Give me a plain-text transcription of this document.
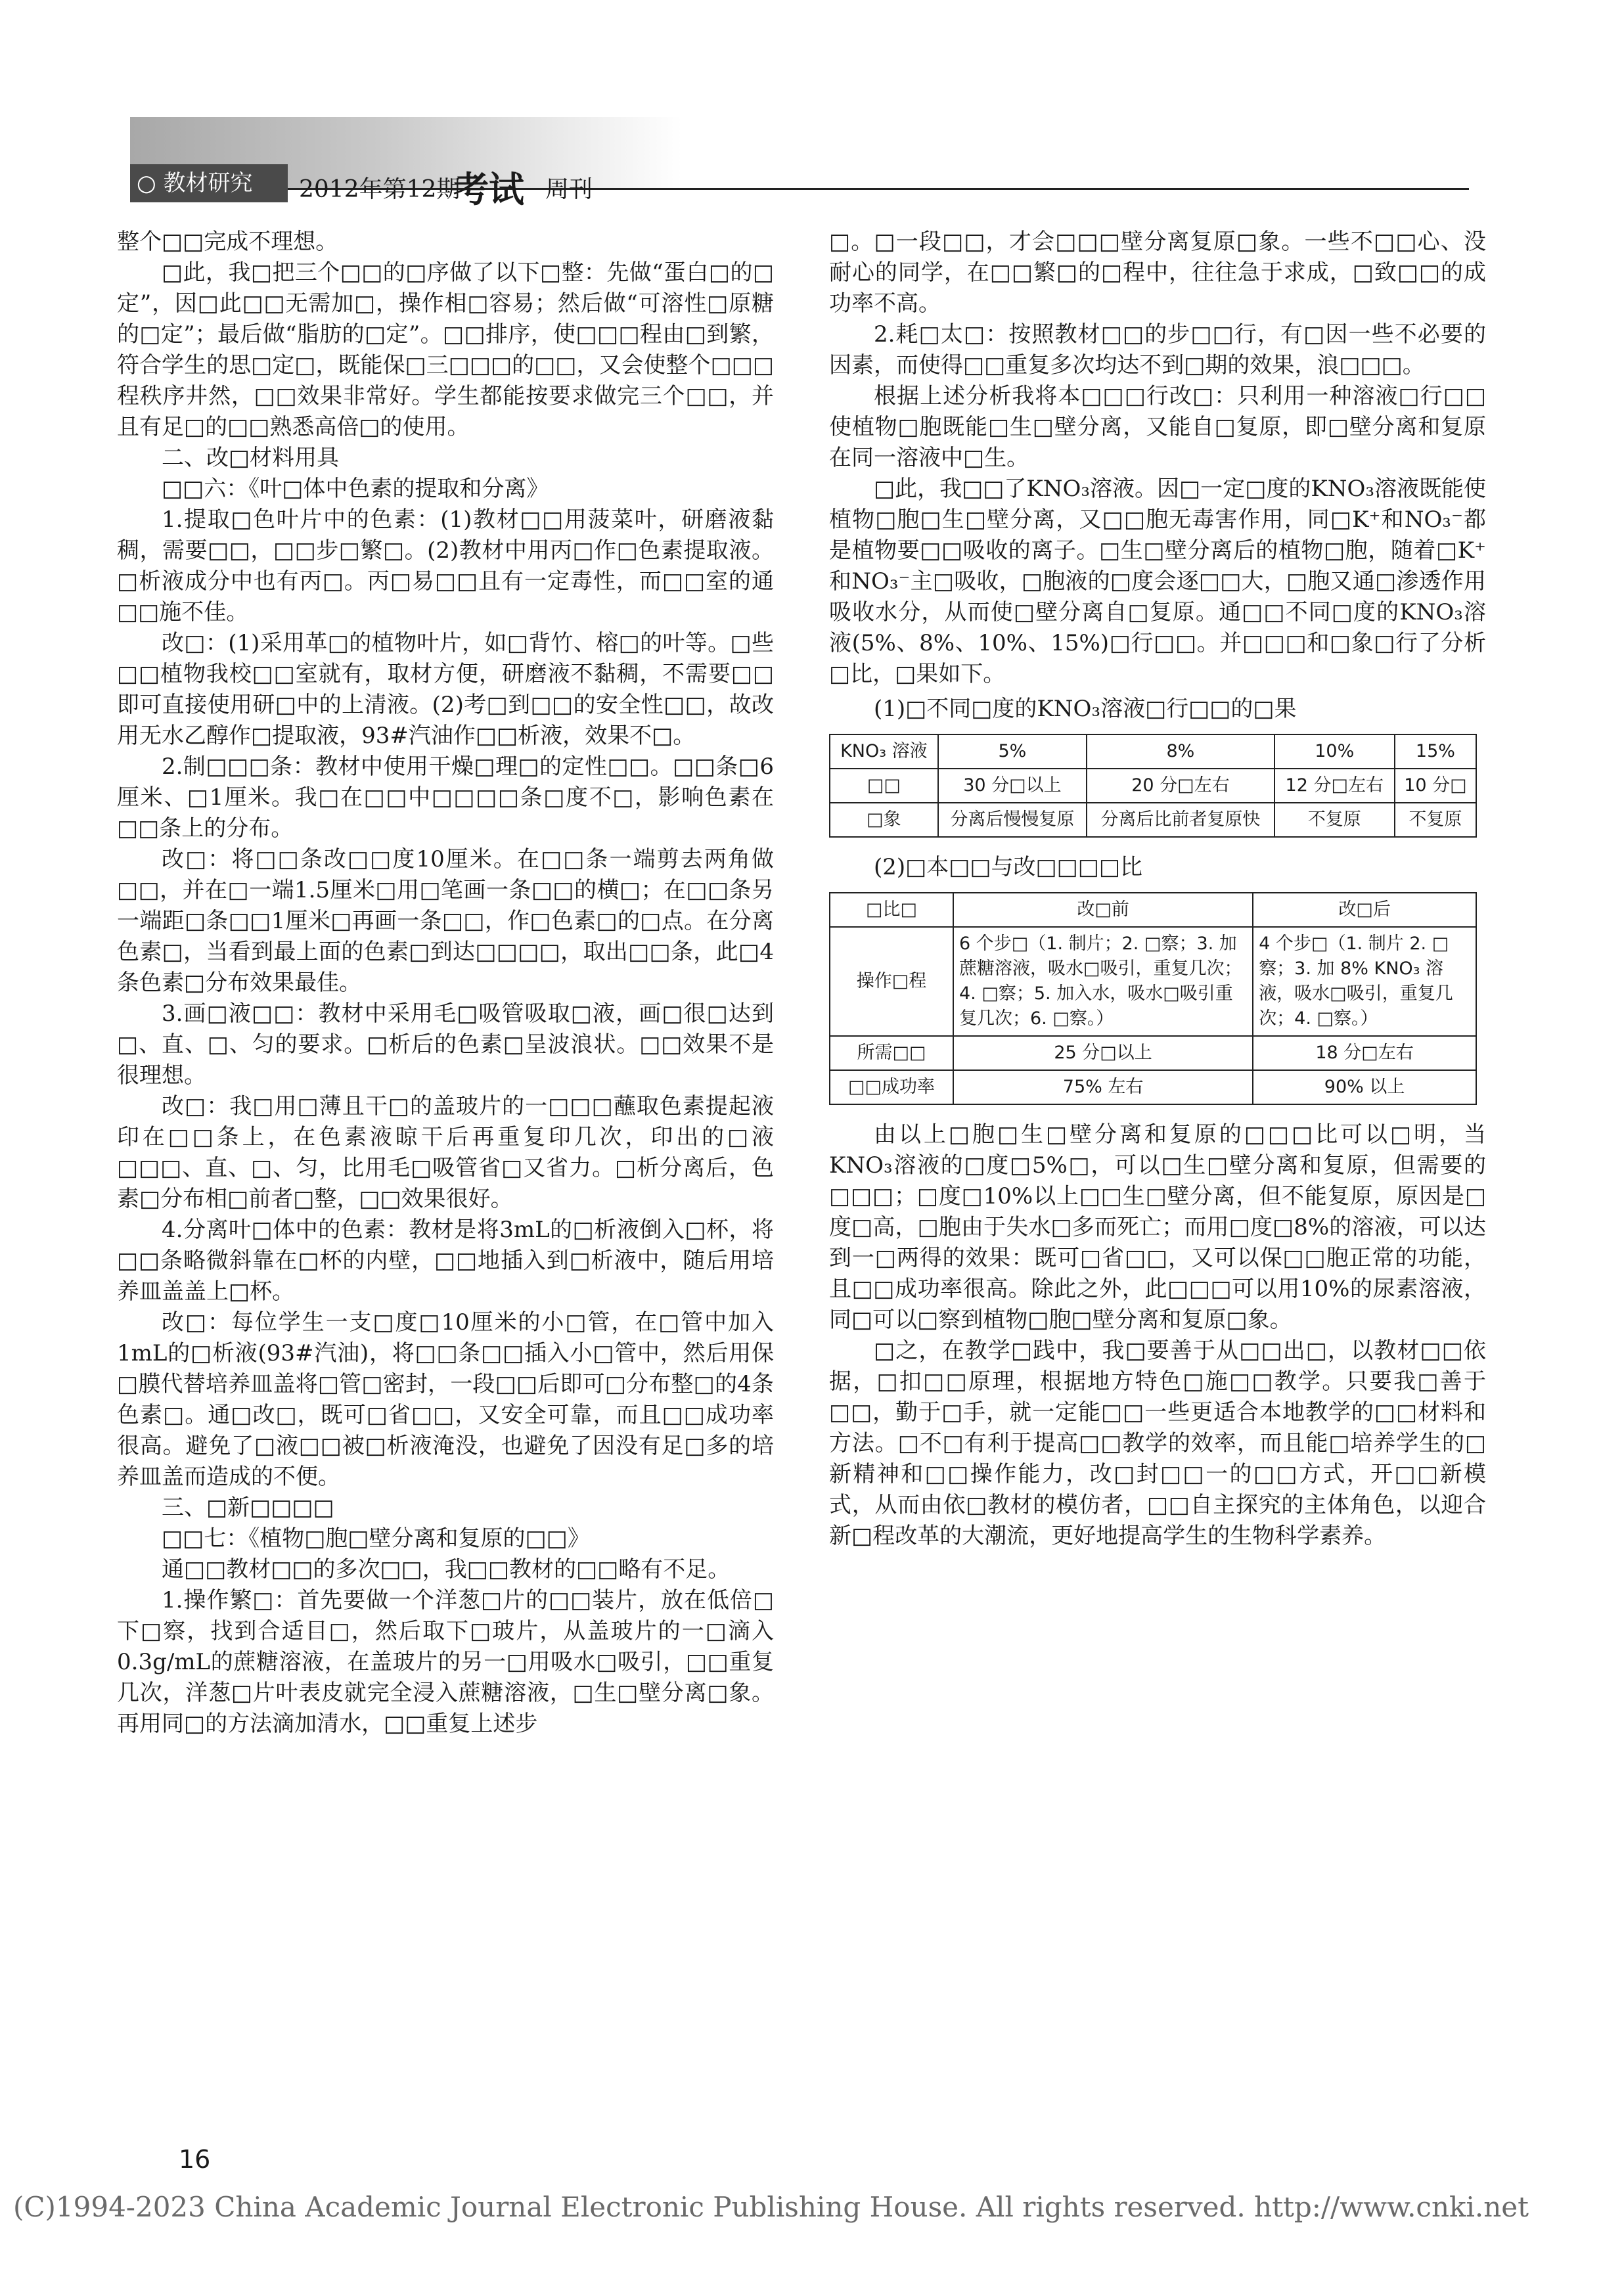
○ 教材研究	2012年第12期
考试 周刊

整个□□完成不理想。

□此，我□把三个□□的□序做了以下□整：先做“蛋白□的□定”，因□此□□无需加□，操作相□容易；然后做“可溶性□原糖的□定”；最后做“脂肪的□定”。□□排序，使□□□程由□到繁，符合学生的思□定□，既能保□三□□□的□□，又会使整个□□□程秩序井然，□□效果非常好。学生都能按要求做完三个□□，并且有足□的□□熟悉高倍□的使用。

二、改□材料用具

□□六：《叶□体中色素的提取和分离》

1.提取□色叶片中的色素：(1)教材□□用菠菜叶，研磨液黏稠，需要□□，□□步□繁□。(2)教材中用丙□作□色素提取液。□析液成分中也有丙□。丙□易□□且有一定毒性，而□□室的通□□施不佳。

改□：(1)采用革□的植物叶片，如□背竹、榕□的叶等。□些□□植物我校□□室就有，取材方便，研磨液不黏稠，不需要□□即可直接使用研□中的上清液。(2)考□到□□的安全性□□，故改用无水乙醇作□提取液，93#汽油作□□析液，效果不□。

2.制□□□条：教材中使用干燥□理□的定性□□。□□条□6厘米、□1厘米。我□在□□中□□□□条□度不□，影响色素在□□条上的分布。

改□：将□□条改□□度10厘米。在□□条一端剪去两角做□□，并在□一端1.5厘米□用□笔画一条□□的横□；在□□条另一端距□条□□1厘米□再画一条□□，作□色素□的□点。在分离色素□，当看到最上面的色素□到达□□□□，取出□□条，此□4条色素□分布效果最佳。

3.画□液□□：教材中采用毛□吸管吸取□液，画□很□达到□、直、□、匀的要求。□析后的色素□呈波浪状。□□效果不是很理想。

改□：我□用□薄且干□的盖玻片的一□□□蘸取色素提起液印在□□条上，在色素液晾干后再重复印几次，印出的□液□□□、直、□、匀，比用毛□吸管省□又省力。□析分离后，色素□分布相□前者□整，□□效果很好。

4.分离叶□体中的色素：教材是将3mL的□析液倒入□杯，将□□条略微斜靠在□杯的内壁，□□地插入到□析液中，随后用培养皿盖盖上□杯。

改□：每位学生一支□度□10厘米的小□管，在□管中加入1mL的□析液(93#汽油)，将□□条□□插入小□管中，然后用保□膜代替培养皿盖将□管□密封，一段□□后即可□分布整□的4条色素□。通□改□，既可□省□□，又安全可靠，而且□□成功率很高。避免了□液□□被□析液淹没，也避免了因没有足□多的培养皿盖而造成的不便。

三、□新□□□□

□□七：《植物□胞□壁分离和复原的□□》

通□□教材□□的多次□□，我□□教材的□□略有不足。

1.操作繁□：首先要做一个洋葱□片的□□装片，放在低倍□下□察，找到合适目□，然后取下□玻片，从盖玻片的一□滴入0.3g/mL的蔗糖溶液，在盖玻片的另一□用吸水□吸引，□□重复几次，洋葱□片叶表皮就完全浸入蔗糖溶液，□生□壁分离□象。再用同□的方法滴加清水，□□重复上述步

□。□一段□□，才会□□□壁分离复原□象。一些不□□心、没耐心的同学，在□□繁□的□程中，往往急于求成，□致□□的成功率不高。

2.耗□太□：按照教材□□的步□□行，有□因一些不必要的因素，而使得□□重复多次均达不到□期的效果，浪□□□。

根据上述分析我将本□□□行改□：只利用一种溶液□行□□使植物□胞既能□生□壁分离，又能自□复原，即□壁分离和复原在同一溶液中□生。

□此，我□□了KNO₃溶液。因□一定□度的KNO₃溶液既能使植物□胞□生□壁分离，又□□胞无毒害作用，同□K⁺和NO₃⁻都是植物要□□吸收的离子。□生□壁分离后的植物□胞，随着□K⁺和NO₃⁻主□吸收，□胞液的□度会逐□□大，□胞又通□渗透作用吸收水分，从而使□壁分离自□复原。通□□不同□度的KNO₃溶液(5%、8%、10%、15%)□行□□。并□□□和□象□行了分析□比，□果如下。

(1)□不同□度的KNO₃溶液□行□□的□果

KNO₃ 溶液	5%	8%	10%	15%
□□	30 分□以上	20 分□左右	12 分□左右	10 分□
□象	分离后慢慢复原	分离后比前者复原快	不复原	不复原

(2)□本□□与改□□□□比

□比□	改□前	改□后
操作□程	6 个步□（1. 制片；2. □察；3. 加蔗糖溶液，吸水□吸引，重复几次；4. □察；5. 加入水，吸水□吸引重复几次；6. □察。）	4 个步□（1. 制片 2. □察；3. 加 8% KNO₃ 溶液，吸水□吸引，重复几次；4. □察。）
所需□□	25 分□以上	18 分□左右
□□成功率	75% 左右	90% 以上

由以上□胞□生□壁分离和复原的□□□比可以□明，当KNO₃溶液的□度□5%□，可以□生□壁分离和复原，但需要的□□□；□度□10%以上□□生□壁分离，但不能复原，原因是□度□高，□胞由于失水□多而死亡；而用□度□8%的溶液，可以达到一□两得的效果：既可□省□□，又可以保□□胞正常的功能，且□□成功率很高。除此之外，此□□□可以用10%的尿素溶液，同□可以□察到植物□胞□壁分离和复原□象。

□之，在教学□践中，我□要善于从□□出□，以教材□□依据，□扣□□原理，根据地方特色□施□□教学。只要我□善于□□，勤于□手，就一定能□□一些更适合本地教学的□□材料和方法。□不□有利于提高□□教学的效率，而且能□培养学生的□新精神和□□操作能力，改□封□□一的□□方式，开□□新模式，从而由依□教材的模仿者，□□自主探究的主体角色，以迎合新□程改革的大潮流，更好地提高学生的生物科学素养。

16
(C)1994-2023 China Academic Journal Electronic Publishing House. All rights reserved. http://www.cnki.net
